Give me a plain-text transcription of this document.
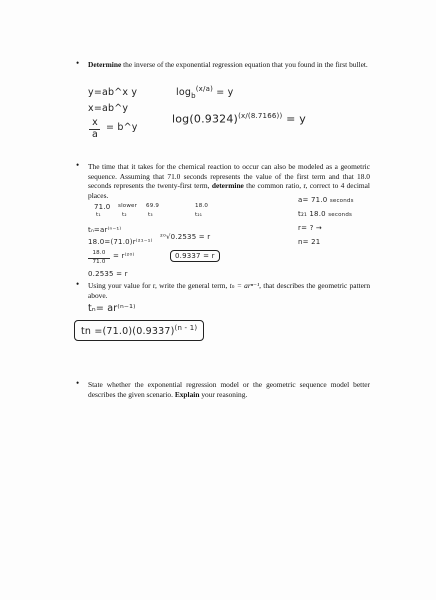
• Determine the inverse of the exponential regression equation that you found in the first bullet.
y=ab^x y
x=ab^y
x
a
= b^y
$\log_b^{(x/a)} = y$
$\log(0.9324)^{(x/(8.7166))} = y$
• The time that it takes for the chemical reaction to occur can also be modeled as a geometric sequence. Assuming that 71.0 seconds represents the value of the first term and that 18.0 seconds represents the twenty-first term, determine the common ratio, r, correct to 4 decimal places.
71.0
t₁
slower
t₂
69.9
t₃
18.0
t₂₁
a= 71.0 seconds
t₂₁ 18.0 seconds
r= ? →
n= 21
tₙ=ar⁽ⁿ⁻¹⁾
18.0=(71.0)r⁽²¹⁻¹⁾
18.0
71.0
= r⁽²⁰⁾
0.2535 = r
²⁰√0.2535 = r
0.9337 = r
• Using your value for r, write the general term, tₙ = arⁿ⁻¹, that describes the geometric pattern above.
tₙ= ar⁽ⁿ⁻¹⁾
tn $=(71.0)(0.9337)^{(n - 1)}$
• State whether the exponential regression model or the geometric sequence model better describes the given scenario. Explain your reasoning.
